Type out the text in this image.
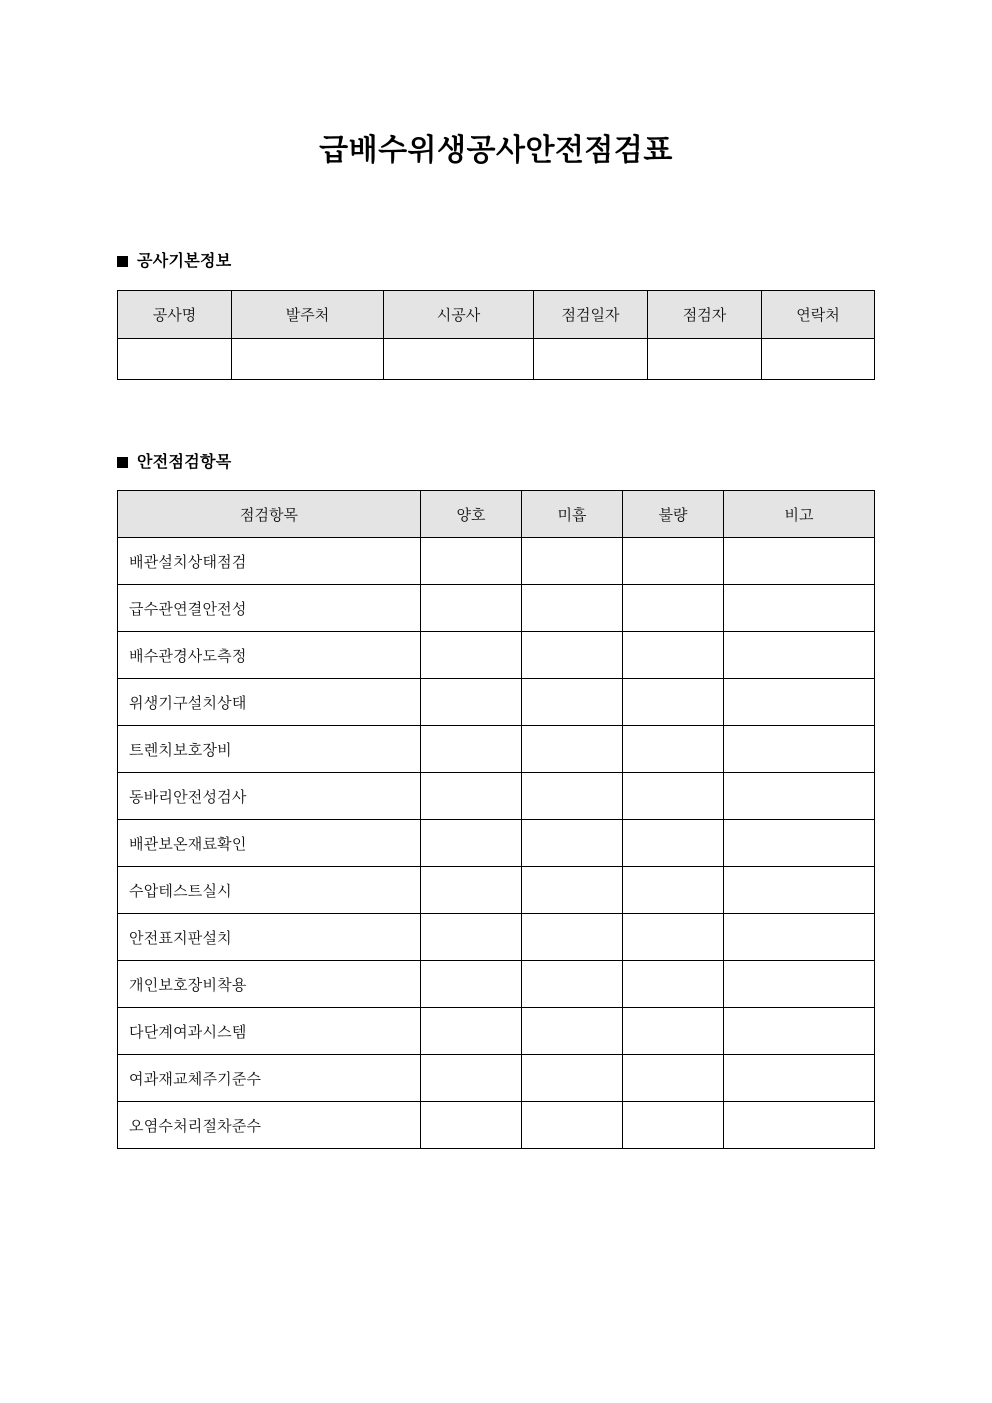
급배수위생공사안전점검표
공사기본정보
공사명	발주처	시공사	점검일자	점검자	연락처

안전점검항목
점검항목	양호	미흡	불량	비고
배관설치상태점검				
급수관연결안전성				
배수관경사도측정				
위생기구설치상태				
트렌치보호장비				
동바리안전성검사				
배관보온재료확인				
수압테스트실시				
안전표지판설치				
개인보호장비착용				
다단계여과시스템				
여과재교체주기준수				
오염수처리절차준수				
